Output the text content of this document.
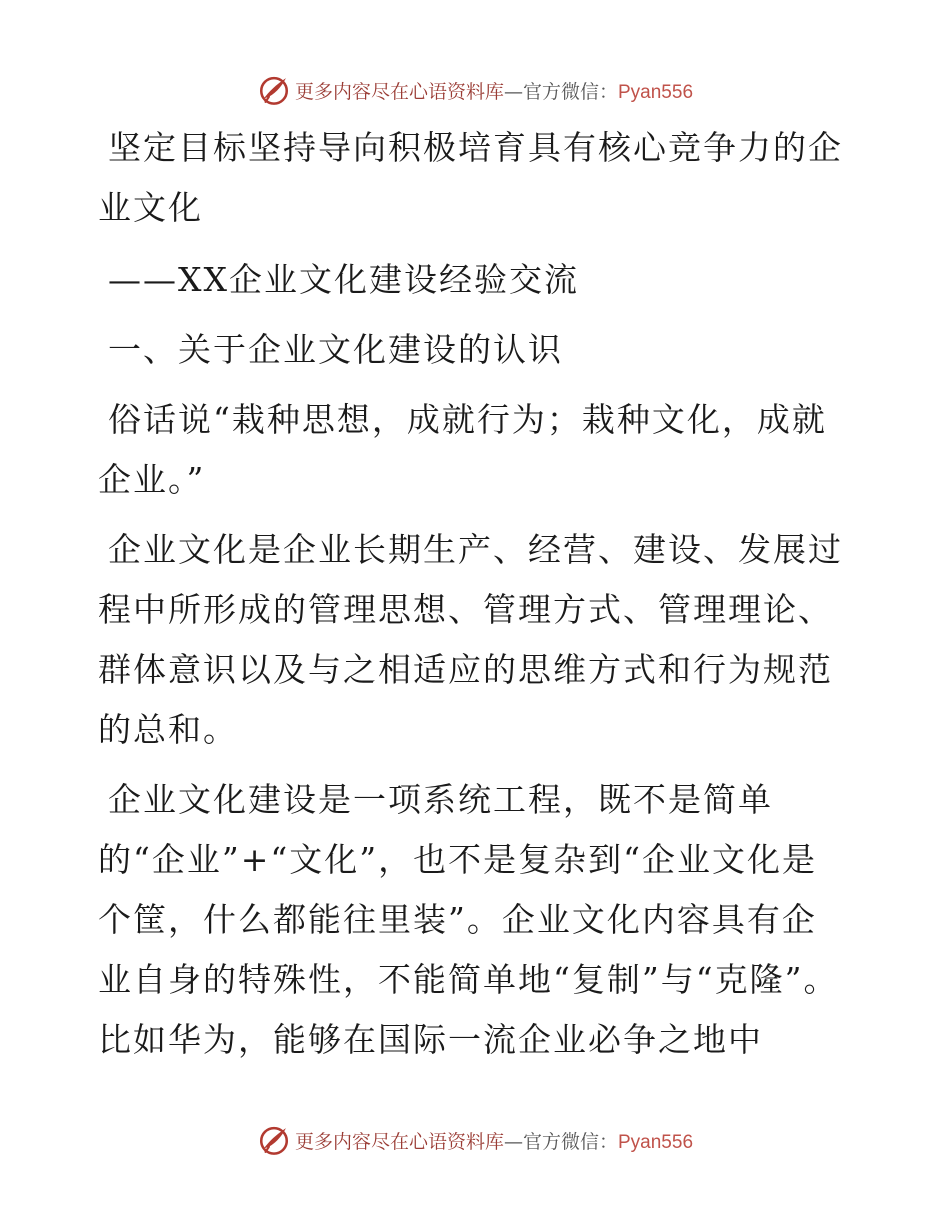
更多内容尽在心语资料库—官方微信：Pyan556

坚定目标坚持导向积极培育具有核心竞争力的企业文化

——XX企业文化建设经验交流

一、关于企业文化建设的认识

俗话说“栽种思想，成就行为；栽种文化，成就企业。”

企业文化是企业长期生产、经营、建设、发展过程中所形成的管理思想、管理方式、管理理论、群体意识以及与之相适应的思维方式和行为规范的总和。

企业文化建设是一项系统工程，既不是简单的“企业”+“文化”，也不是复杂到“企业文化是个筐，什么都能往里装”。企业文化内容具有企业自身的特殊性，不能简单地“复制”与“克隆”。比如华为，能够在国际一流企业必争之地中

更多内容尽在心语资料库—官方微信：Pyan556
